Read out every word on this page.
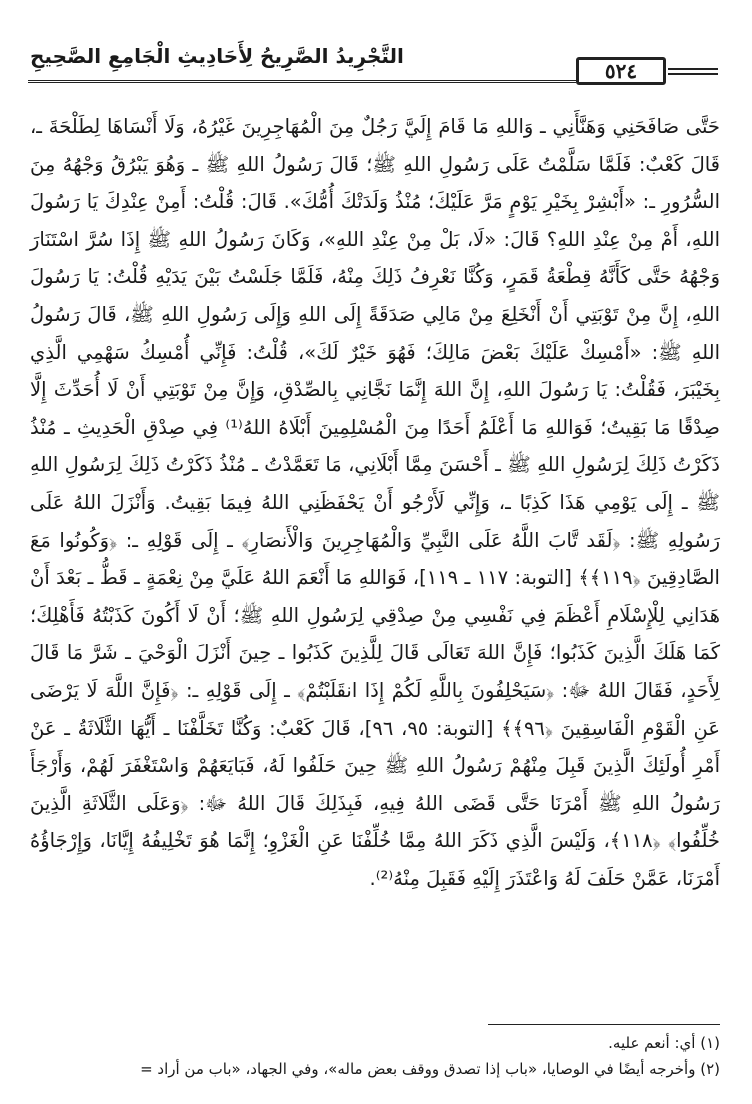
التَّجْرِيدُ الصَّرِيحُ لِأَحَادِيثِ الْجَامِعِ الصَّحِيحِ
٥٢٤

حَتَّى صَافَحَنِي وَهَنَّأَنِي ـ وَاللهِ مَا قَامَ إِلَيَّ رَجُلٌ مِنَ الْمُهَاجِرِينَ غَيْرُهُ، وَلَا أَنْسَاهَا لِطَلْحَةَ ـ، قَالَ كَعْبٌ: فَلَمَّا سَلَّمْتُ عَلَى رَسُولِ اللهِ ﷺ؛ قَالَ رَسُولُ اللهِ ﷺ ـ وَهُوَ يَبْرُقُ وَجْهُهُ مِنَ السُّرُورِ ـ: «أَبْشِرْ بِخَيْرِ يَوْمٍ مَرَّ عَلَيْكَ؛ مُنْذُ وَلَدَتْكَ أُمُّكَ». قَالَ: قُلْتُ: أَمِنْ عِنْدِكَ يَا رَسُولَ اللهِ، أَمْ مِنْ عِنْدِ اللهِ؟ قَالَ: «لَا، بَلْ مِنْ عِنْدِ اللهِ»، وَكَانَ رَسُولُ اللهِ ﷺ إِذَا سُرَّ اسْتَنَارَ وَجْهُهُ حَتَّى كَأَنَّهُ قِطْعَةُ قَمَرٍ، وَكُنَّا نَعْرِفُ ذَلِكَ مِنْهُ، فَلَمَّا جَلَسْتُ بَيْنَ يَدَيْهِ قُلْتُ: يَا رَسُولَ اللهِ، إِنَّ مِنْ تَوْبَتِي أَنْ أَنْخَلِعَ مِنْ مَالِي صَدَقَةً إِلَى اللهِ وَإِلَى رَسُولِ اللهِ ﷺ، قَالَ رَسُولُ اللهِ ﷺ: «أَمْسِكْ عَلَيْكَ بَعْضَ مَالِكَ؛ فَهُوَ خَيْرٌ لَكَ»، قُلْتُ: فَإِنِّي أُمْسِكُ سَهْمِي الَّذِي بِخَيْبَرَ، فَقُلْتُ: يَا رَسُولَ اللهِ، إِنَّ اللهَ إِنَّمَا نَجَّانِي بِالصِّدْقِ، وَإِنَّ مِنْ تَوْبَتِي أَنْ لَا أُحَدِّثَ إِلَّا صِدْقًا مَا بَقِيتُ؛ فَوَاللهِ مَا أَعْلَمُ أَحَدًا مِنَ الْمُسْلِمِينَ أَبْلَاهُ اللهُ⁽¹⁾ فِي صِدْقِ الْحَدِيثِ ـ مُنْذُ ذَكَرْتُ ذَلِكَ لِرَسُولِ اللهِ ﷺ ـ أَحْسَنَ مِمَّا أَبْلَانِي، مَا تَعَمَّدْتُ ـ مُنْذُ ذَكَرْتُ ذَلِكَ لِرَسُولِ اللهِ ﷺ ـ إِلَى يَوْمِي هَذَا كَذِبًا ـ، وَإِنِّي لَأَرْجُو أَنْ يَحْفَظَنِي اللهُ فِيمَا بَقِيتُ. وَأَنْزَلَ اللهُ عَلَى رَسُولِهِ ﷺ: ﴿لَقَد تَّابَ اللَّهُ عَلَى النَّبِيِّ وَالْمُهَاجِرِينَ وَالْأَنصَارِ﴾ ـ إِلَى قَوْلِهِ ـ: ﴿وَكُونُوا مَعَ الصَّادِقِينَ ﴿١١٩﴾﴾ [التوبة: ١١٧ ـ ١١٩]، فَوَاللهِ مَا أَنْعَمَ اللهُ عَلَيَّ مِنْ نِعْمَةٍ ـ قَطُّ ـ بَعْدَ أَنْ هَدَانِي لِلْإِسْلَامِ أَعْظَمَ فِي نَفْسِي مِنْ صِدْقِي لِرَسُولِ اللهِ ﷺ؛ أَنْ لَا أَكُونَ كَذَبْتُهُ فَأَهْلِكَ؛ كَمَا هَلَكَ الَّذِينَ كَذَبُوا؛ فَإِنَّ اللهَ تَعَالَى قَالَ لِلَّذِينَ كَذَبُوا ـ حِينَ أَنْزَلَ الْوَحْيَ ـ شَرَّ مَا قَالَ لِأَحَدٍ، فَقَالَ اللهُ ﷻ: ﴿سَيَحْلِفُونَ بِاللَّهِ لَكُمْ إِذَا انقَلَبْتُمْ﴾ ـ إِلَى قَوْلِهِ ـ: ﴿فَإِنَّ اللَّهَ لَا يَرْضَى عَنِ الْقَوْمِ الْفَاسِقِينَ ﴿٩٦﴾﴾ [التوبة: ٩٥، ٩٦]، قَالَ كَعْبٌ: وَكُنَّا تَخَلَّفْنَا ـ أَيُّهَا الثَّلَاثَةُ ـ عَنْ أَمْرِ أُولَئِكَ الَّذِينَ قَبِلَ مِنْهُمْ رَسُولُ اللهِ ﷺ حِينَ حَلَفُوا لَهُ، فَبَايَعَهُمْ وَاسْتَغْفَرَ لَهُمْ، وَأَرْجَأَ رَسُولُ اللهِ ﷺ أَمْرَنَا حَتَّى قَضَى اللهُ فِيهِ، فَبِذَلِكَ قَالَ اللهُ ﷻ: ﴿وَعَلَى الثَّلَاثَةِ الَّذِينَ خُلِّفُوا﴾ ﴿١١٨﴾، وَلَيْسَ الَّذِي ذَكَرَ اللهُ مِمَّا خُلِّفْنَا عَنِ الْغَزْوِ؛ إِنَّمَا هُوَ تَخْلِيفُهُ إِيَّانَا، وَإِرْجَاؤُهُ أَمْرَنَا، عَمَّنْ حَلَفَ لَهُ وَاعْتَذَرَ إِلَيْهِ فَقَبِلَ مِنْهُ⁽²⁾.

(١) أي: أنعم عليه.
(٢) وأخرجه أيضًا في الوصايا، «باب إذا تصدق ووقف بعض ماله»، وفي الجهاد، «باب من أراد =
